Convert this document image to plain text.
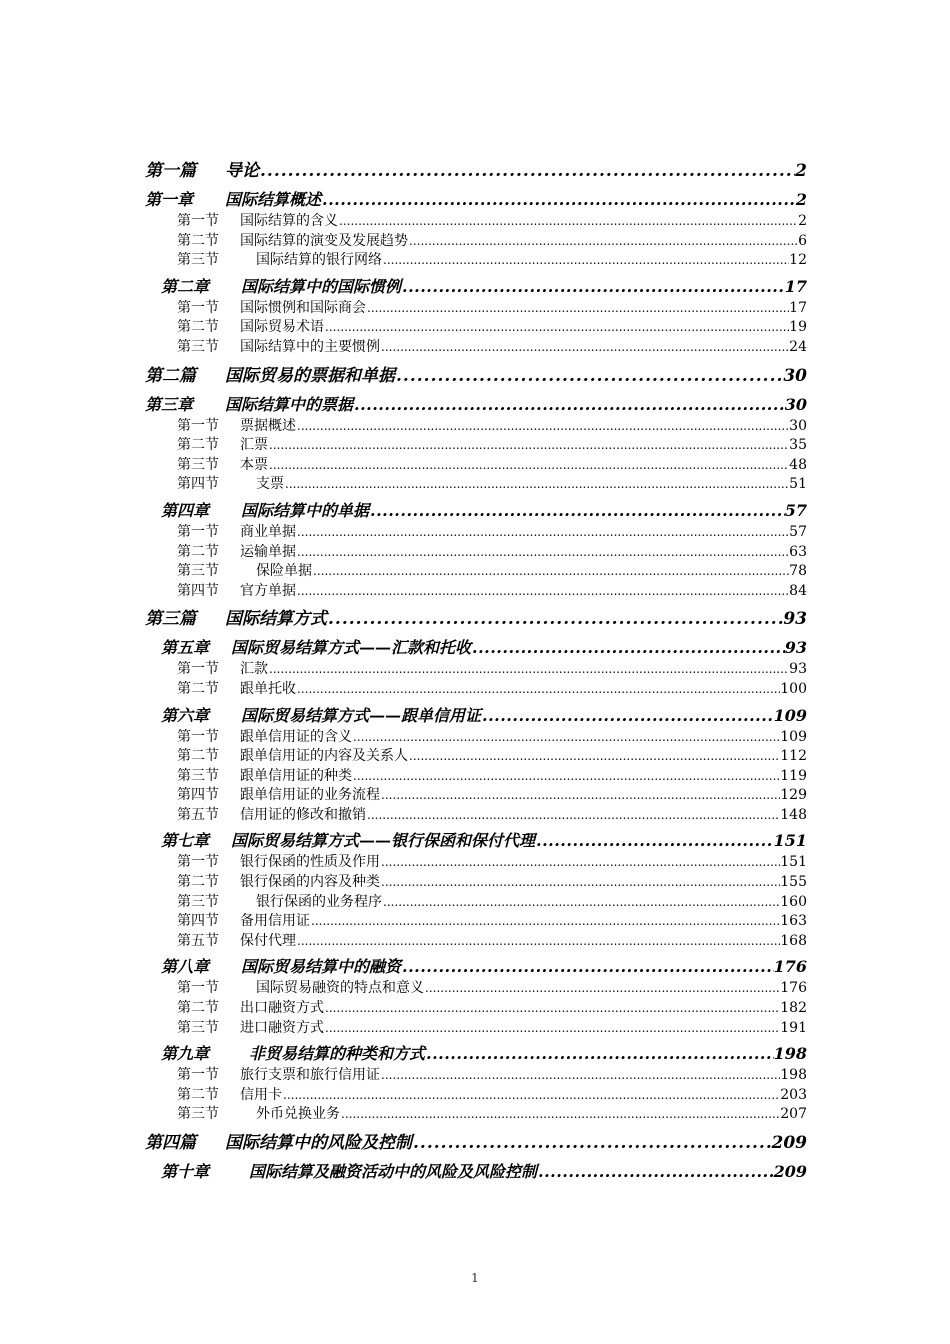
第一篇 导论 .....	2
第一章 国际结算概述 .....	2
第一节 国际结算的含义 .....	2
第二节 国际结算的演变及发展趋势 .....	6
第三节	国际结算的银行网络 .....	12
第二章 国际结算中的国际惯例 .....	17
第一节 国际惯例和国际商会 .....	17
第二节 国际贸易术语 .....	19
第三节 国际结算中的主要惯例 .....	24
第二篇 国际贸易的票据和单据 .....	30
第三章 国际结算中的票据 .....	30
第一节 票据概述 .....	30
第二节 汇票 .....	35
第三节 本票 .....	48
第四节	支票 .....	51
第四章 国际结算中的单据 .....	57
第一节 商业单据 .....	57
第二节 运输单据 .....	63
第三节	保险单据 .....	78
第四节 官方单据 .....	84
第三篇 国际结算方式 .....	93
第五章 国际贸易结算方式——汇款和托收 .....	93
第一节 汇款 .....	93
第二节 跟单托收 .....	100
第六章 国际贸易结算方式——跟单信用证 .....	109
第一节 跟单信用证的含义 .....	109
第二节 跟单信用证的内容及关系人 .....	112
第三节 跟单信用证的种类 .....	119
第四节 跟单信用证的业务流程 .....	129
第五节 信用证的修改和撤销 .....	148
第七章 国际贸易结算方式——银行保函和保付代理 .....	151
第一节 银行保函的性质及作用 .....	151
第二节 银行保函的内容及种类 .....	155
第三节	银行保函的业务程序 .....	160
第四节 备用信用证 .....	163
第五节 保付代理 .....	168
第八章 国际贸易结算中的融资 .....	176
第一节	国际贸易融资的特点和意义 .....	176
第二节 出口融资方式 .....	182
第三节 进口融资方式 .....	191
第九章 非贸易结算的种类和方式 .....	198
第一节 旅行支票和旅行信用证 .....	198
第二节 信用卡 .....	203
第三节	外币兑换业务 .....	207
第四篇 国际结算中的风险及控制 .....	209
第十章 国际结算及融资活动中的风险及风险控制 .....	209
1
